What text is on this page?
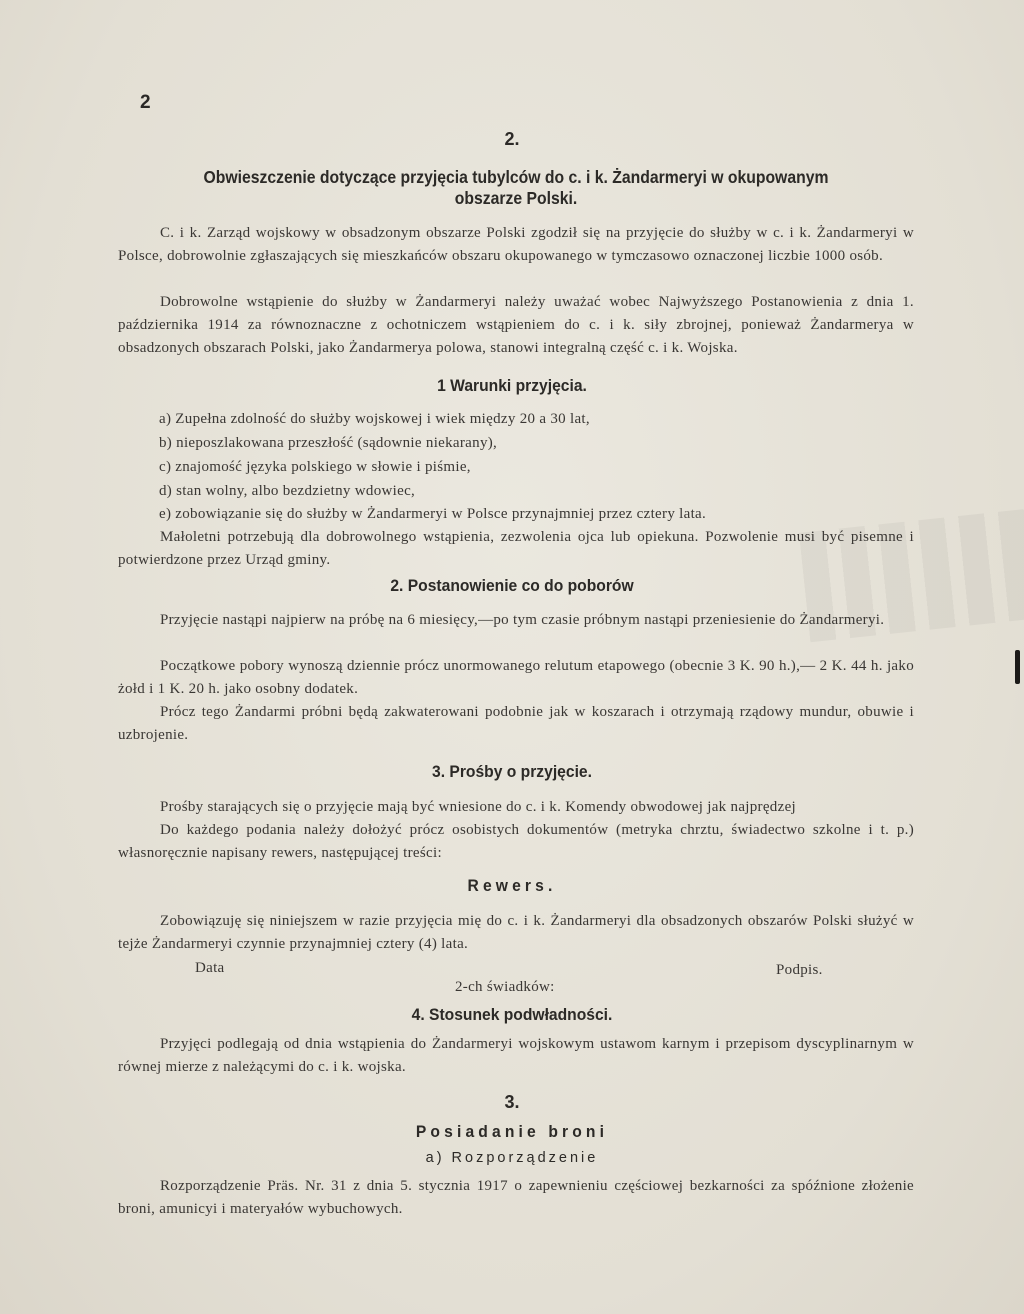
2
2.
Obwieszczenie dotyczące przyjęcia tubylców do c. i k. Żandarmeryi w okupowanym obszarze Polski.

C. i k. Zarząd wojskowy w obsadzonym obszarze Polski zgodził się na przyjęcie do służby w c. i k. Żandarmeryi w Polsce, dobrowolnie zgłaszających się mieszkańców obszaru okupowanego w tymczasowo oznaczonej liczbie 1000 osób.

Dobrowolne wstąpienie do służby w Żandarmeryi należy uważać wobec Najwyższego Postanowienia z dnia 1. października 1914 za równoznaczne z ochotniczem wstąpieniem do c. i k. siły zbrojnej, ponieważ Żandarmerya w obsadzonych obszarach Polski, jako Żandarmerya polowa, stanowi integralną część c. i k. Wojska.

1 Warunki przyjęcia.

a) Zupełna zdolność do służby wojskowej i wiek między 20 a 30 lat,

b) nieposzlakowana przeszłość (sądownie niekarany),

c) znajomość języka polskiego w słowie i piśmie,

d) stan wolny, albo bezdzietny wdowiec,

e) zobowiązanie się do służby w Żandarmeryi w Polsce przynajmniej przez cztery lata.

Małoletni potrzebują dla dobrowolnego wstąpienia, zezwolenia ojca lub opiekuna. Pozwolenie musi być pisemne i potwierdzone przez Urząd gminy.

2. Postanowienie co do poborów

Przyjęcie nastąpi najpierw na próbę na 6 miesięcy,—po tym czasie próbnym nastąpi przeniesienie do Żandarmeryi.

Początkowe pobory wynoszą dziennie prócz unormowanego relutum etapowego (obecnie 3 K. 90 h.),— 2 K. 44 h. jako żołd i 1 K. 20 h. jako osobny dodatek.

Prócz tego Żandarmi próbni będą zakwaterowani podobnie jak w koszarach i otrzymają rządowy mundur, obuwie i uzbrojenie.

3. Prośby o przyjęcie.

Prośby starających się o przyjęcie mają być wniesione do c. i k. Komendy obwodowej jak najprędzej

Do każdego podania należy dołożyć prócz osobistych dokumentów (metryka chrztu, świadectwo szkolne i t. p.) własnoręcznie napisany rewers, następującej treści:

Rewers.

Zobowiązuję się niniejszem w razie przyjęcia mię do c. i k. Żandarmeryi dla obsadzonych obszarów Polski służyć w tejże Żandarmeryi czynnie przynajmniej cztery (4) lata.

Data	Podpis.

2-ch świadków:

4. Stosunek podwładności.

Przyjęci podlegają od dnia wstąpienia do Żandarmeryi wojskowym ustawom karnym i przepisom dyscyplinarnym w równej mierze z należącymi do c. i k. wojska.

3.
Posiadanie broni
a) Rozporządzenie

Rozporządzenie Präs. Nr. 31 z dnia 5. stycznia 1917 o zapewnieniu częściowej bezkarności za spóźnione złożenie broni, amunicyi i materyałów wybuchowych.
